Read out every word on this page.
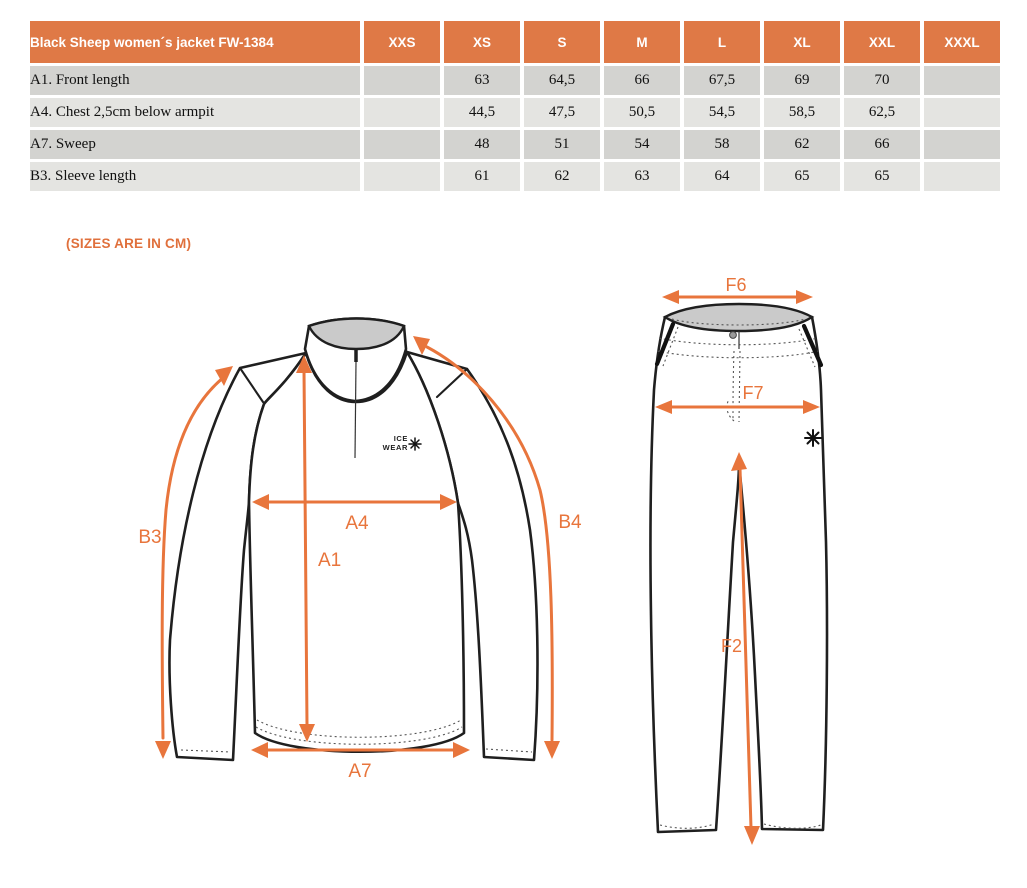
Black Sheep women´s jacket FW-1384	XXS	XS	S	M	L	XL	XXL	XXXL
A1. Front length		63	64,5	66	67,5	69	70	
A4. Chest 2,5cm below armpit		44,5	47,5	50,5	54,5	58,5	62,5	
A7. Sweep		48	51	54	58	62	66	
B3. Sleeve length		61	62	63	64	65	65	
(SIZES ARE IN CM)
ICE
WEAR
B3
B4
A4
A1
A7
F6
F7
F2
